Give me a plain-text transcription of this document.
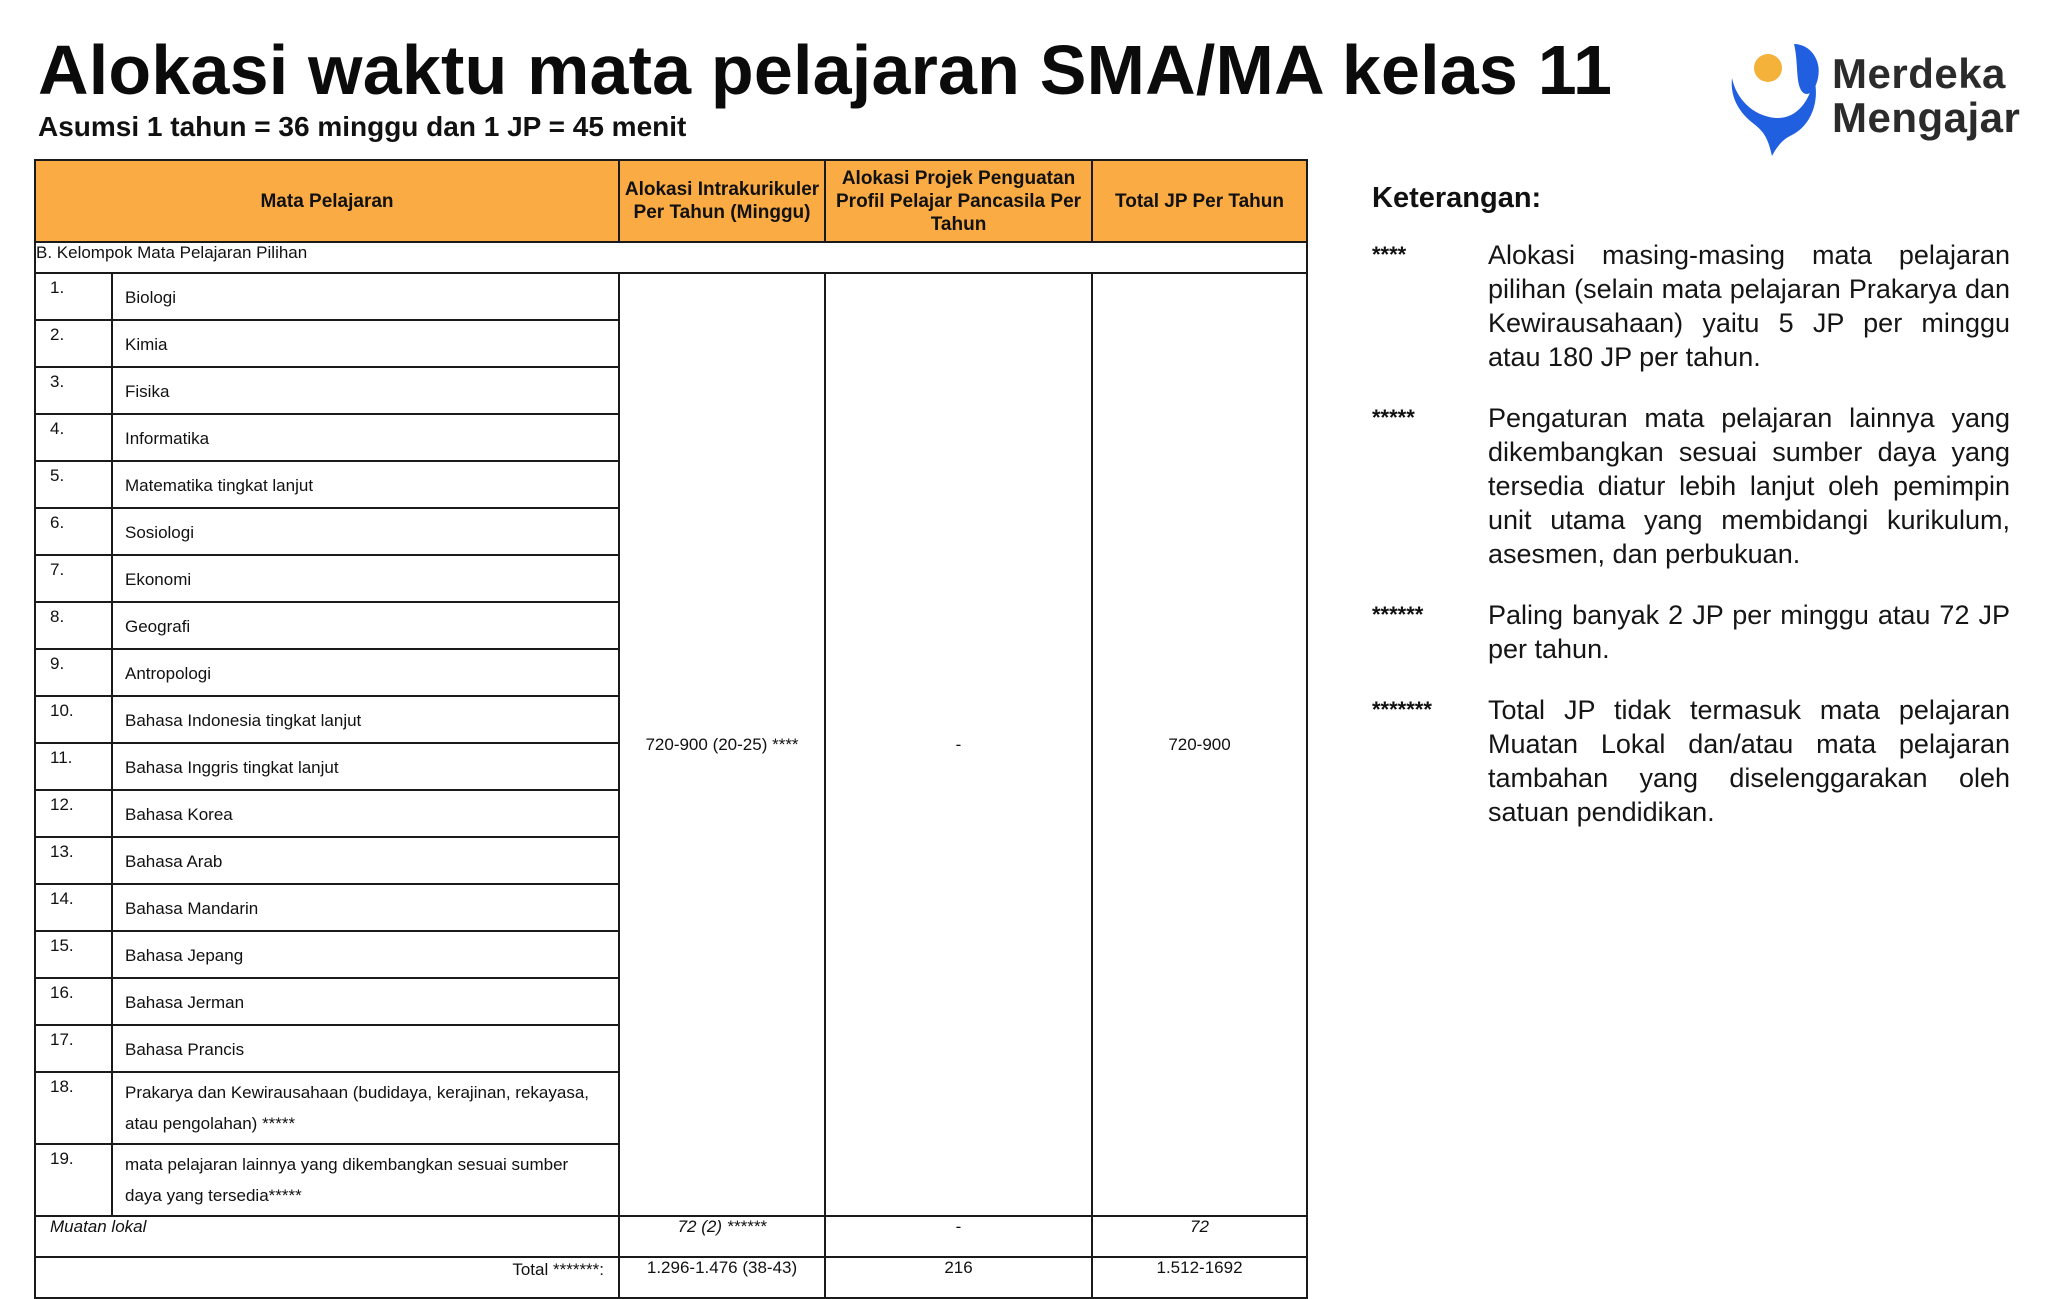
Alokasi waktu mata pelajaran SMA/MA kelas 11
Asumsi 1 tahun = 36 minggu dan 1 JP = 45 menit
Merdeka
Mengajar
Mata Pelajaran		Alokasi Intrakurikuler Per Tahun (Minggu)	Alokasi Projek Penguatan Profil Pelajar Pancasila Per Tahun	Total JP Per Tahun
B. Kelompok Mata Pelajaran Pilihan				
1.	Biologi	720-900 (20-25) ****	-	720-900
2.	Kimia			
3.	Fisika			
4.	Informatika			
5.	Matematika tingkat lanjut			
6.	Sosiologi			
7.	Ekonomi			
8.	Geografi			
9.	Antropologi			
10.	Bahasa Indonesia tingkat lanjut			
11.	Bahasa Inggris tingkat lanjut			
12.	Bahasa Korea			
13.	Bahasa Arab			
14.	Bahasa Mandarin			
15.	Bahasa Jepang			
16.	Bahasa Jerman			
17.	Bahasa Prancis			
18.	Prakarya dan Kewirausahaan (budidaya, kerajinan, rekayasa,
atau pengolahan) *****			

19.	mata pelajaran lainnya yang dikembangkan sesuai sumber
daya yang tersedia*****			

Muatan lokal		72 (2) ******	-	72
Total *******:		1.296-1.476 (38-43)	216	1.512-1692
Keterangan:
****	Alokasi masing-masing mata pelajaran pilihan (selain mata pelajaran Prakarya dan Kewirausahaan) yaitu 5 JP per minggu atau 180 JP per tahun.
*****	Pengaturan mata pelajaran lainnya yang dikembangkan sesuai sumber daya yang tersedia diatur lebih lanjut oleh pemimpin unit utama yang membidangi kurikulum, asesmen, dan perbukuan.
******	Paling banyak 2 JP per minggu atau 72 JP per tahun.
*******	Total JP tidak termasuk mata pelajaran Muatan Lokal dan/atau mata pelajaran tambahan yang diselenggarakan oleh satuan pendidikan.
